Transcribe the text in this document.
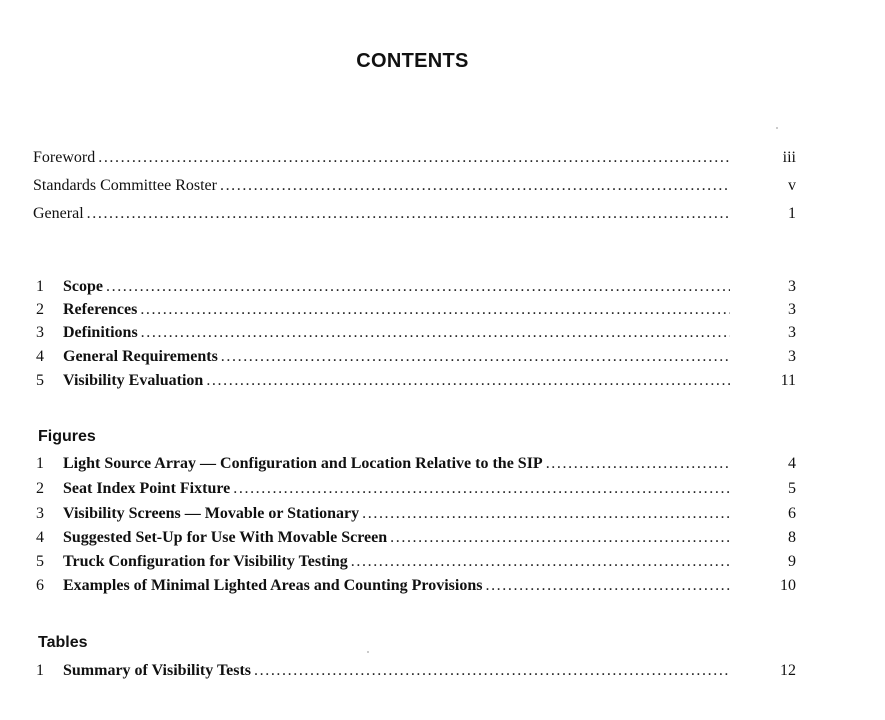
CONTENTS
Foreword . . .	iii
Standards Committee Roster . . .	v
General . . .	1
1	Scope . . .	3
2	References . . .	3
3	Definitions . . .	3
4	General Requirements . . .	3
5	Visibility Evaluation . . .	11
Figures
1	Light Source Array — Configuration and Location Relative to the SIP . . .	4
2	Seat Index Point Fixture . . .	5
3	Visibility Screens — Movable or Stationary . . .	6
4	Suggested Set-Up for Use With Movable Screen . . .	8
5	Truck Configuration for Visibility Testing . . .	9
6	Examples of Minimal Lighted Areas and Counting Provisions . . .	10
Tables
1	Summary of Visibility Tests . . .	12
